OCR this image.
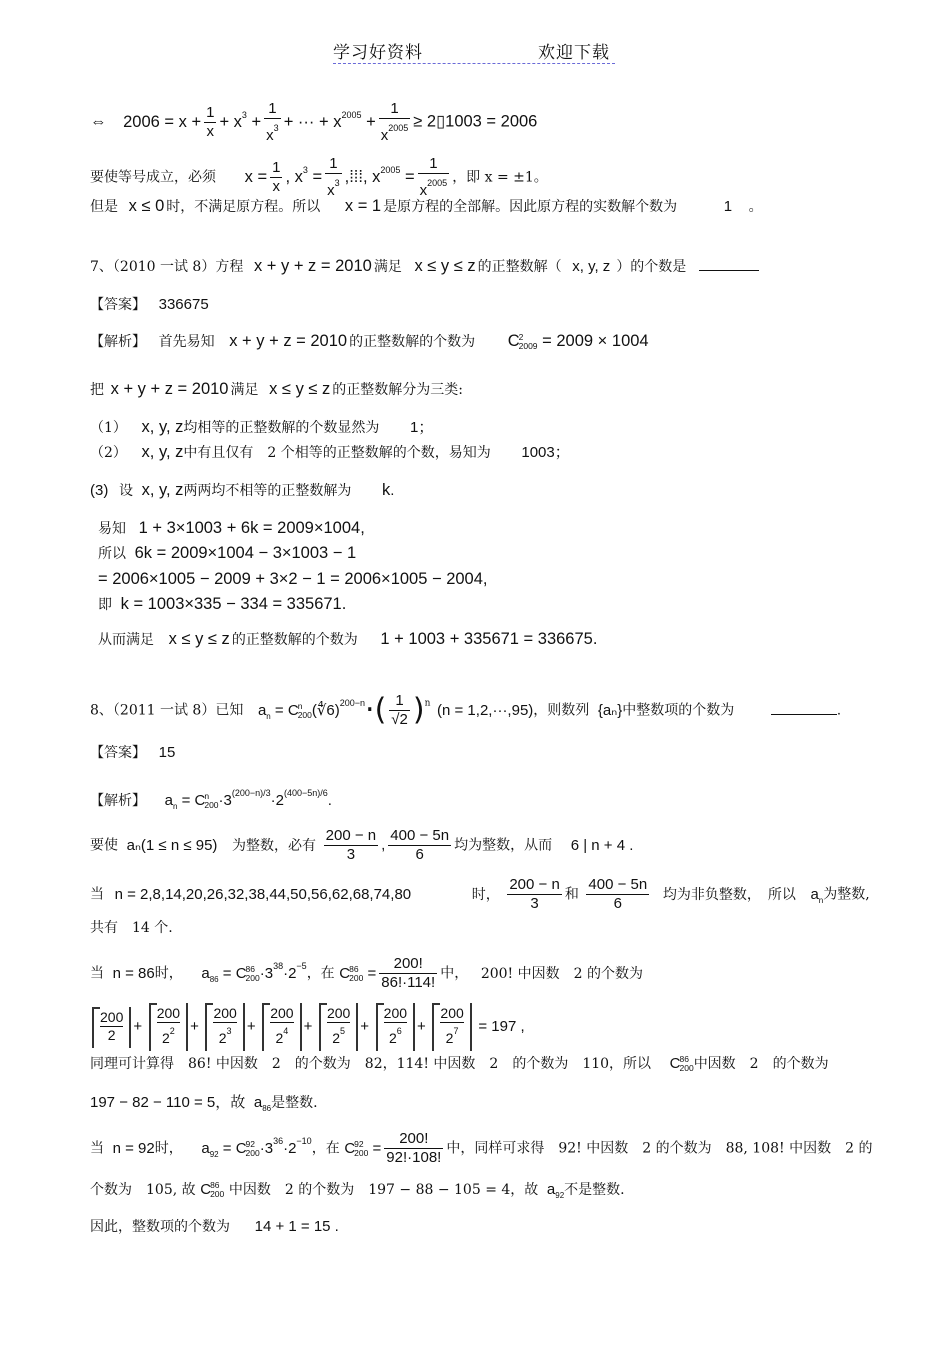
学习好资料	欢迎下载
⇔ $2006 = x + \frac{1}{x} + x^3 + \frac{1}{x^3}$ + ··· + $x^{2005} + \frac{1}{x^{2005}}$ ≥ 2▯1003 = 2006
要使等号成立，必须 $x = \frac{1}{x}$ , $x^3 = \frac{1}{x^3}$ ,⁞⁞⁞, $x^{2005} = \frac{1}{x^{2005}}$ ，即 x = ±1。
但是 x ≤ 0 时，不满足原方程。所以 x = 1 是原方程的全部解。因此原方程的实数解个数为	1 。
7、（2010 一试 8）方程 x + y + z = 2010 满足 x ≤ y ≤ z 的正整数解（ x, y, z ）的个数是
【答案】 336675
【解析】 首先易知 x + y + z = 2010 的正整数解的个数为 C2
2009 = 2009 × 1004
把 x + y + z = 2010 满足 x ≤ y ≤ z 的正整数解分为三类:
（1） x, y, z均相等的正整数解的个数显然为 1；
（2） x, y, z中有且仅有　2 个相等的正整数解的个数，易知为 1003；
(3) 设 x, y, z两两均不相等的正整数解为 k.
易知 1 + 3×1003 + 6k = 2009×1004,
所以 6k = 2009×1004 − 3×1003 − 1
= 2006×1005 − 2009 + 3×2 − 1 = 2006×1005 − 2004,
即 k = 1003×335 − 334 = 335671.
从而满足 x ≤ y ≤ z 的正整数解的个数为 1 + 1003 + 335671 = 336675.
8、（2011 一试 8）已知 $a_n = Cn$
200(∜6)$^{200-n}$·( $\frac{1}{√2} )^n$ (n = 1,2,···,95)，则数列 {aₙ}中整数项的个数为	.
【答案】 15
【解析】 $a_n = Cn$
$200\cdot 3^{(200-n)/3}\cdot 2^{(400-5n)/6}$.
要使 aₙ(1 ≤ n ≤ 95) 为整数，必有 $\frac{200 - n}{3}$ , $\frac{400 - 5n}{6}$ 均为整数，从而 6 | n + 4 .
当 n = 2,8,14,20,26,32,38,44,50,56,62,68,74,80	时， $\frac{200 - n}{3}$ 和 $\frac{400 - 5n}{6}$ 均为非负整数，　所以 $a_n$为整数,
共有　14 个.
当 n = 86时， $a_{86} = C86$
$200\cdot 3^{38}\cdot 2^{-5}$，在 C86
$200 = \frac{200!}{86!\cdot 114!}$ 中， 200! 中因数　2 的个数为
200
2	+ 200
$2^2$	+ 200
$2^3$	+ 200
$2^4$	+ 200
$2^5$	+ 200
$2^6$	+ 200
$2^7$	= 197 ,
同理可计算得　86! 中因数　2　的个数为　82，114! 中因数　2　的个数为　110，所以 C86
200中因数　2　的个数为
197 − 82 − 110 = 5，故 $a_{86}$是整数.
当 n = 92时， $a_{92} = C92$
$200\cdot 3^{36}\cdot 2^{-10}$，在 C92
$200 = \frac{200!}{92!\cdot 108!}$ 中，同样可求得　92! 中因数　2 的个数为　88, 108! 中因数　2 的
个数为　105, 故 C86
200 中因数　2 的个数为　197 − 88 − 105 = 4，故 $a_{92}$不是整数.
因此，整数项的个数为 14 + 1 = 15 .
